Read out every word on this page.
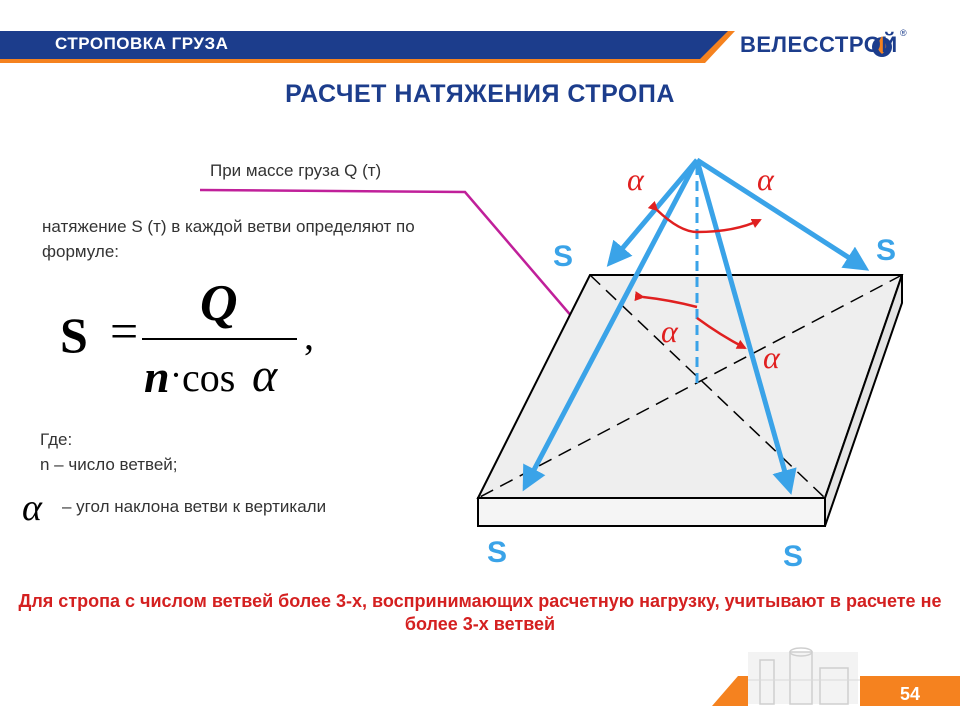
СТРОПОВКА ГРУЗА	ВЕЛЕССТРОЙ ®
РАСЧЕТ НАТЯЖЕНИЯ СТРОПА
При массе груза Q (т)
натяжение S (т) в каждой ветви определяют по формуле:
S = Q
,
n · cos α
Где:
n – число ветвей;
α – угол наклона ветви к вертикали
S	S
S	S
α	α
α
α
54
Для стропа с числом ветвей более 3-х, воспринимающих расчетную нагрузку, учитывают в расчете не более 3-х ветвей
